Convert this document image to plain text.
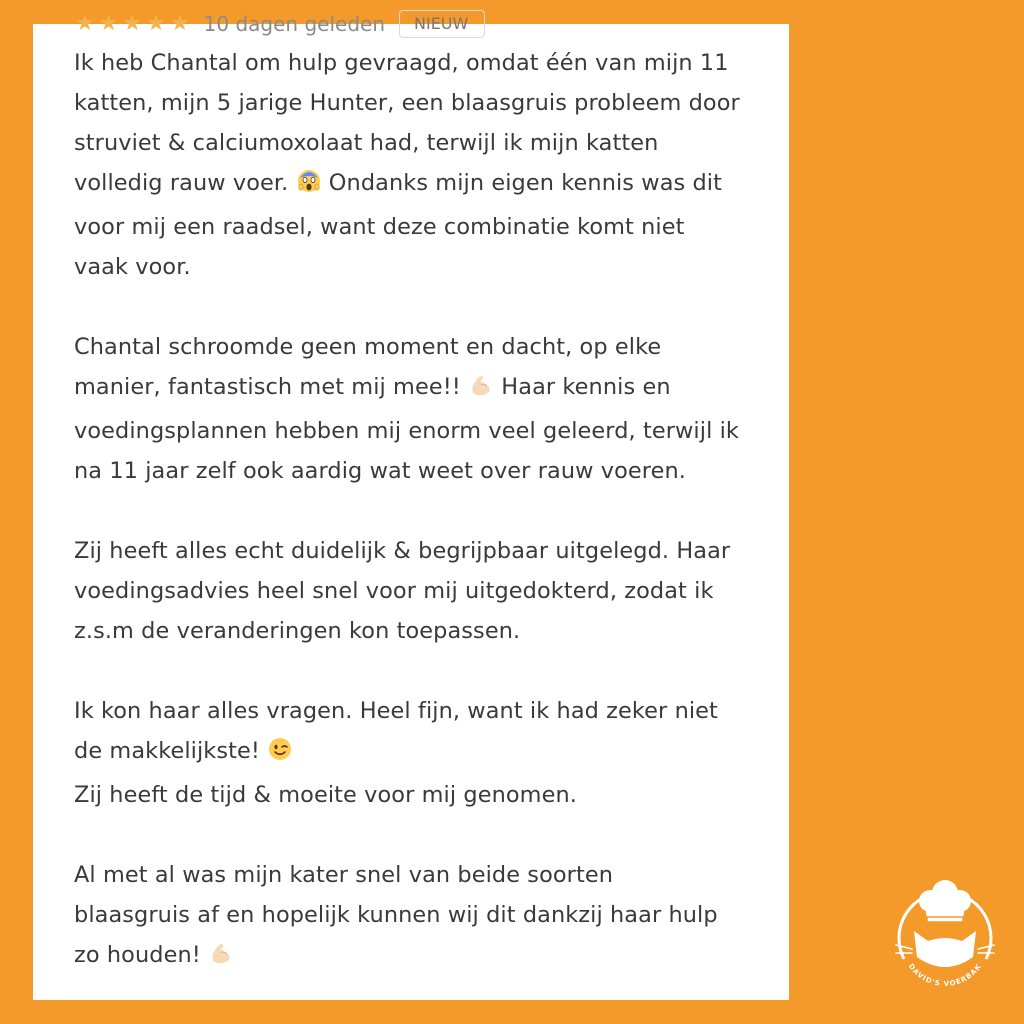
★ ★ ★ ★ ★ 10 dagen geleden	NIEUW

Ik heb Chantal om hulp gevraagd, omdat één van mijn 11
katten, mijn 5 jarige Hunter, een blaasgruis probleem door
struviet & calciumoxolaat had, terwijl ik mijn katten
volledig rauw voer.  Ondanks mijn eigen kennis was dit
voor mij een raadsel, want deze combinatie komt niet
vaak voor.

Chantal schroomde geen moment en dacht, op elke
manier, fantastisch met mij mee!!  Haar kennis en
voedingsplannen hebben mij enorm veel geleerd, terwijl ik
na 11 jaar zelf ook aardig wat weet over rauw voeren.

Zij heeft alles echt duidelijk & begrijpbaar uitgelegd. Haar
voedingsadvies heel snel voor mij uitgedokterd, zodat ik
z.s.m de veranderingen kon toepassen.

Ik kon haar alles vragen. Heel fijn, want ik had zeker niet
de makkelijkste!
Zij heeft de tijd & moeite voor mij genomen.

Al met al was mijn kater snel van beide soorten
blaasgruis af en hopelijk kunnen wij dit dankzij haar hulp
zo houden!	DAVID'S VOERBAK
